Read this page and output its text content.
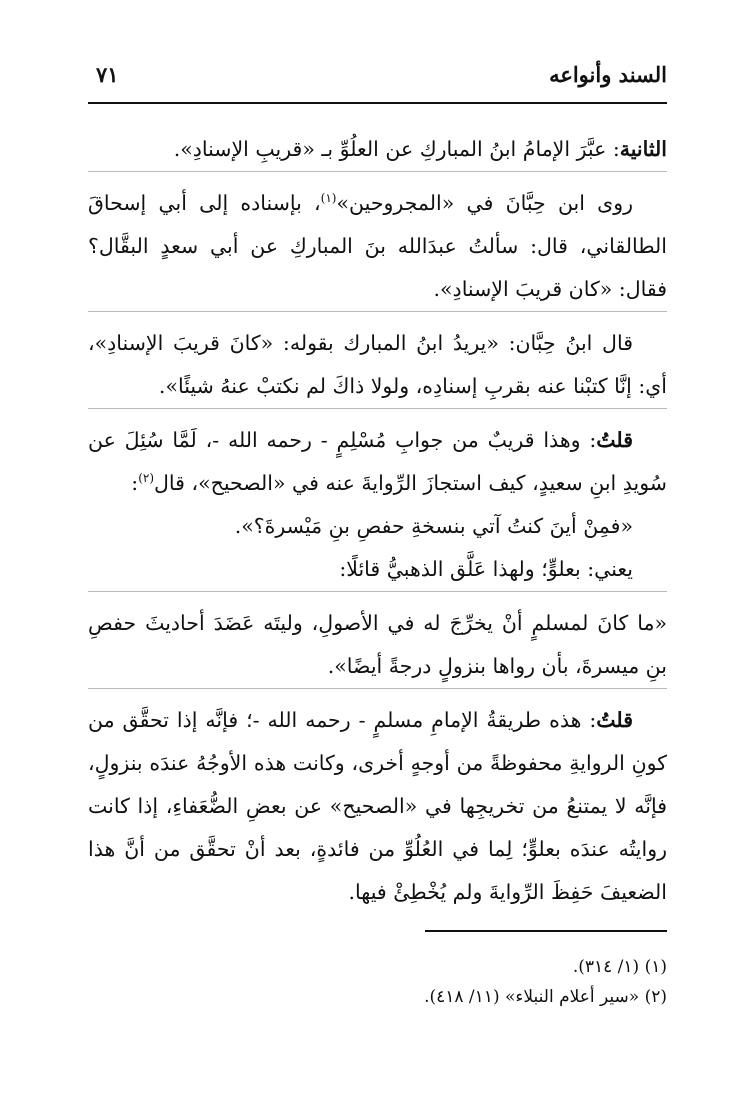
السند وأنواعه
٧١

الثانية: عبَّرَ الإمامُ ابنُ المباركِ عن العلُوِّ بـ «قريبِ الإسنادِ».

روى ابن حِبَّانَ في «المجروحين»$^{(١)}$، بإسناده إلى أبي إسحاقَ الطالقاني، قال: سألتُ عبدَالله بنَ المباركِ عن أبي سعدٍ البقَّال؟ فقال: «كان قريبَ الإسنادِ».

قال ابنُ حِبَّان: «يريدُ ابنُ المبارك بقوله: «كانَ قريبَ الإسنادِ»، أي: إنَّا كتبْنا عنه بقربِ إسنادِه، ولولا ذاكَ لم نكتبْ عنهُ شيئًا».

قلتُ: وهذا قريبٌ من جوابِ مُسْلِمٍ - رحمه الله -، لَمَّا سُئِلَ عن سُويدِ ابنِ سعيدٍ، كيف استجازَ الرِّوايةَ عنه في «الصحيح»، قال$^{(٢)}$:

«فمِنْ أينَ كنتُ آتي بنسخةِ حفصِ بنِ مَيْسرةَ؟».

يعني: بعلوٍّ؛ ولهذا عَلَّق الذهبيُّ قائلًا:

«ما كانَ لمسلمٍ أنْ يخرِّجَ له في الأصولِ، وليتَه عَضَدَ أحاديثَ حفصِ بنِ ميسرةَ، بأن رواها بنزولٍ درجةً أيضًا».

قلتُ: هذه طريقةُ الإمامِ مسلمٍ - رحمه الله -؛ فإنَّه إذا تحقَّق من كونِ الروايةِ محفوظةً من أوجهٍ أخرى، وكانت هذه الأوجُهُ عندَه بنزولٍ، فإنَّه لا يمتنعُ من تخريجِها في «الصحيح» عن بعضِ الضُّعَفاءِ، إذا كانت روايتُه عندَه بعلوٍّ؛ لِما في العُلُوِّ من فائدةٍ، بعد أنْ تحقَّق من أنَّ هذا الضعيفَ حَفِظَ الرِّوايةَ ولم يُخْطِئْ فيها.

(١) (١/ ٣١٤).

(٢) «سير أعلام النبلاء» (١١/ ٤١٨).
